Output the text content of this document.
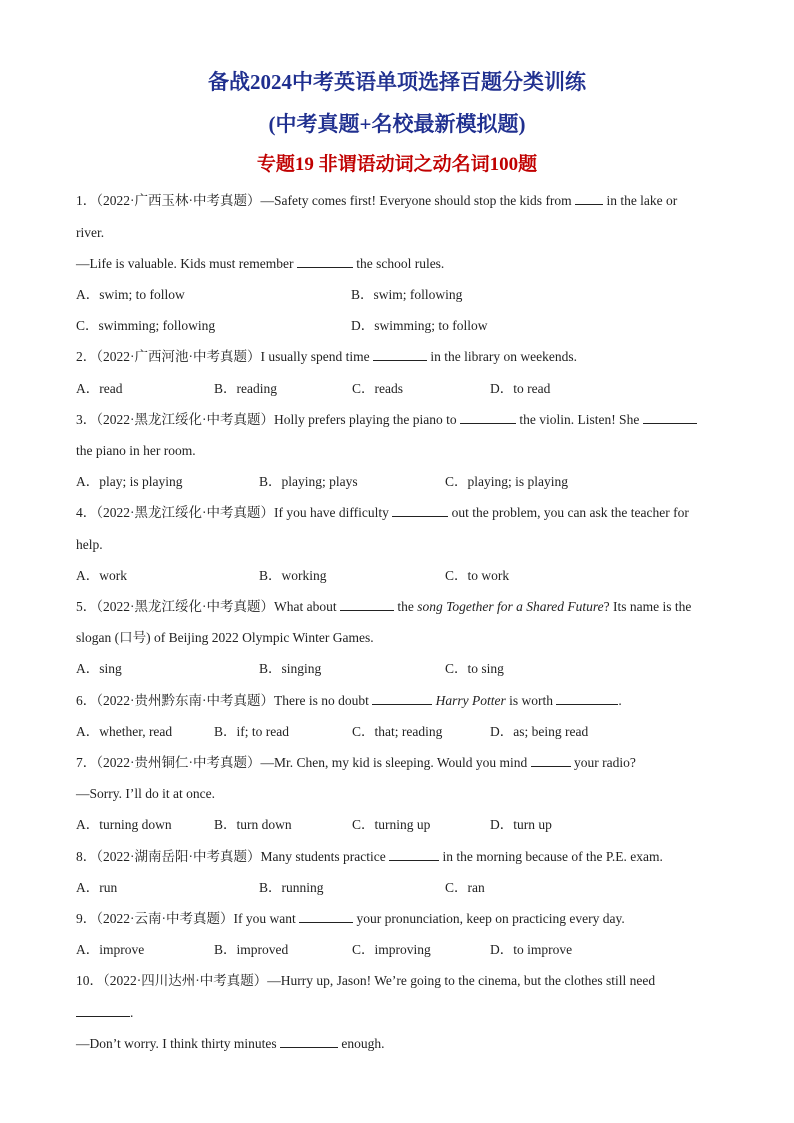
备战2024中考英语单项选择百题分类训练
(中考真题+名校最新模拟题)
专题19 非谓语动词之动名词100题
1．（2022·广西玉林·中考真题）—Safety comes first! Everyone should stop the kids from  in the lake or
river.
—Life is valuable. Kids must remember	the school rules.
A．swim; to follow	B．swim; following
C．swimming; following	D．swimming; to follow
2．（2022·广西河池·中考真题）I usually spend time	in the library on weekends.
A．read	B．reading	C．reads	D．to read
3．（2022·黑龙江绥化·中考真题）Holly prefers playing the piano to	the violin. Listen! She
the piano in her room.
A．play; is playing	B．playing; plays	C．playing; is playing
4．（2022·黑龙江绥化·中考真题）If you have difficulty	out the problem, you can ask the teacher for
help.
A．work	B．working	C．to work
5．（2022·黑龙江绥化·中考真题）What about	the song Together for a Shared Future? Its name is the
slogan (口号) of Beijing 2022 Olympic Winter Games.
A．sing	B．singing	C．to sing
6．（2022·贵州黔东南·中考真题）There is no doubt	Harry Potter is worth	.
A．whether, read	B．if; to read	C．that; reading	D．as; being read
7．（2022·贵州铜仁·中考真题）—Mr. Chen, my kid is sleeping. Would you mind	your radio?
—Sorry. I’ll do it at once.
A．turning down	B．turn down	C．turning up	D．turn up
8．（2022·湖南岳阳·中考真题）Many students practice	in the morning because of the P.E. exam.
A．run	B．running	C．ran
9．（2022·云南·中考真题）If you want	your pronunciation, keep on practicing every day.
A．improve	B．improved	C．improving	D．to improve
10．（2022·四川达州·中考真题）—Hurry up, Jason! We’re going to the cinema, but the clothes still need
.
—Don’t worry. I think thirty minutes	enough.
